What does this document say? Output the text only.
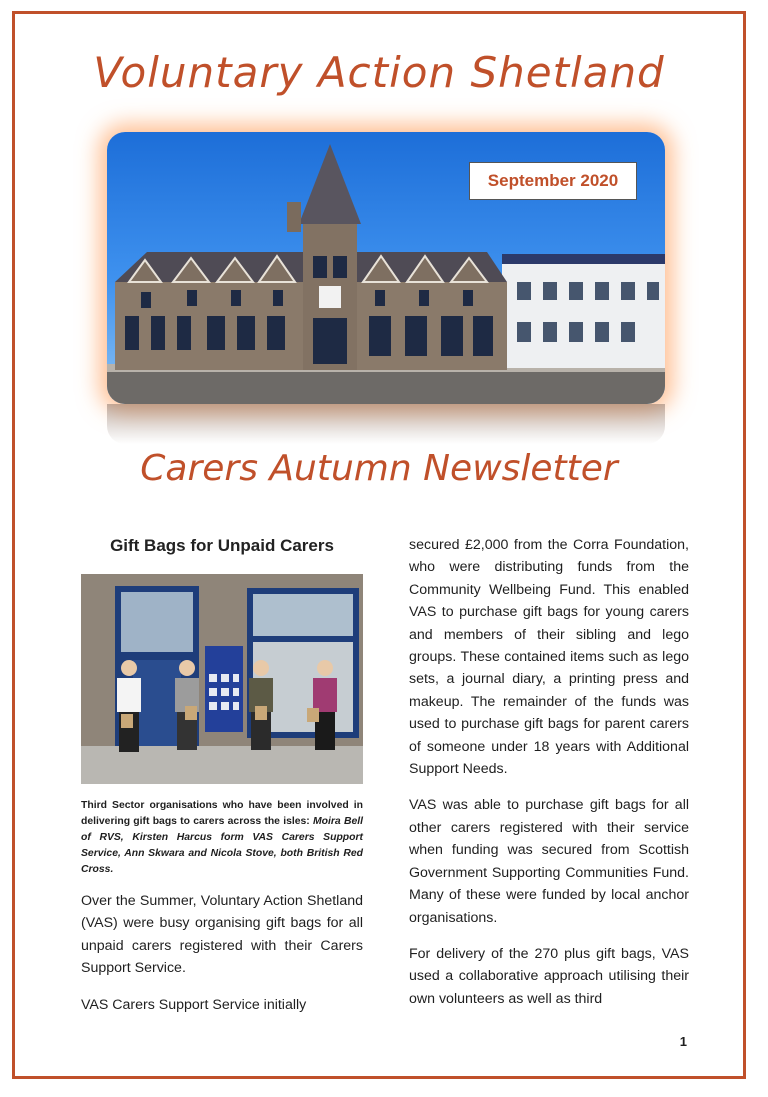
Voluntary Action Shetland
September 2020
Carers Autumn Newsletter
Gift Bags for Unpaid Carers
Third Sector organisations who have been involved in delivering gift bags to carers across the isles: Moira Bell of RVS, Kirsten Harcus form VAS Carers Support Service, Ann Skwara and Nicola Stove, both British Red Cross.

Over the Summer, Voluntary Action Shetland (VAS) were busy organising gift bags for all unpaid carers registered with their Carers Support Service.

VAS Carers Support Service initially

secured £2,000 from the Corra Foundation, who were distributing funds from the Community Wellbeing Fund. This enabled VAS to purchase gift bags for young carers and members of their sibling and lego groups. These contained items such as lego sets, a journal diary, a printing press and makeup. The remainder of the funds was used to purchase gift bags for parent carers of someone under 18 years with Additional Support Needs.

VAS was able to purchase gift bags for all other carers registered with their service when funding was secured from Scottish Government Supporting Communities Fund. Many of these were funded by local anchor organisations.

For delivery of the 270 plus gift bags, VAS used a collaborative approach utilising their own volunteers as well as third

1
